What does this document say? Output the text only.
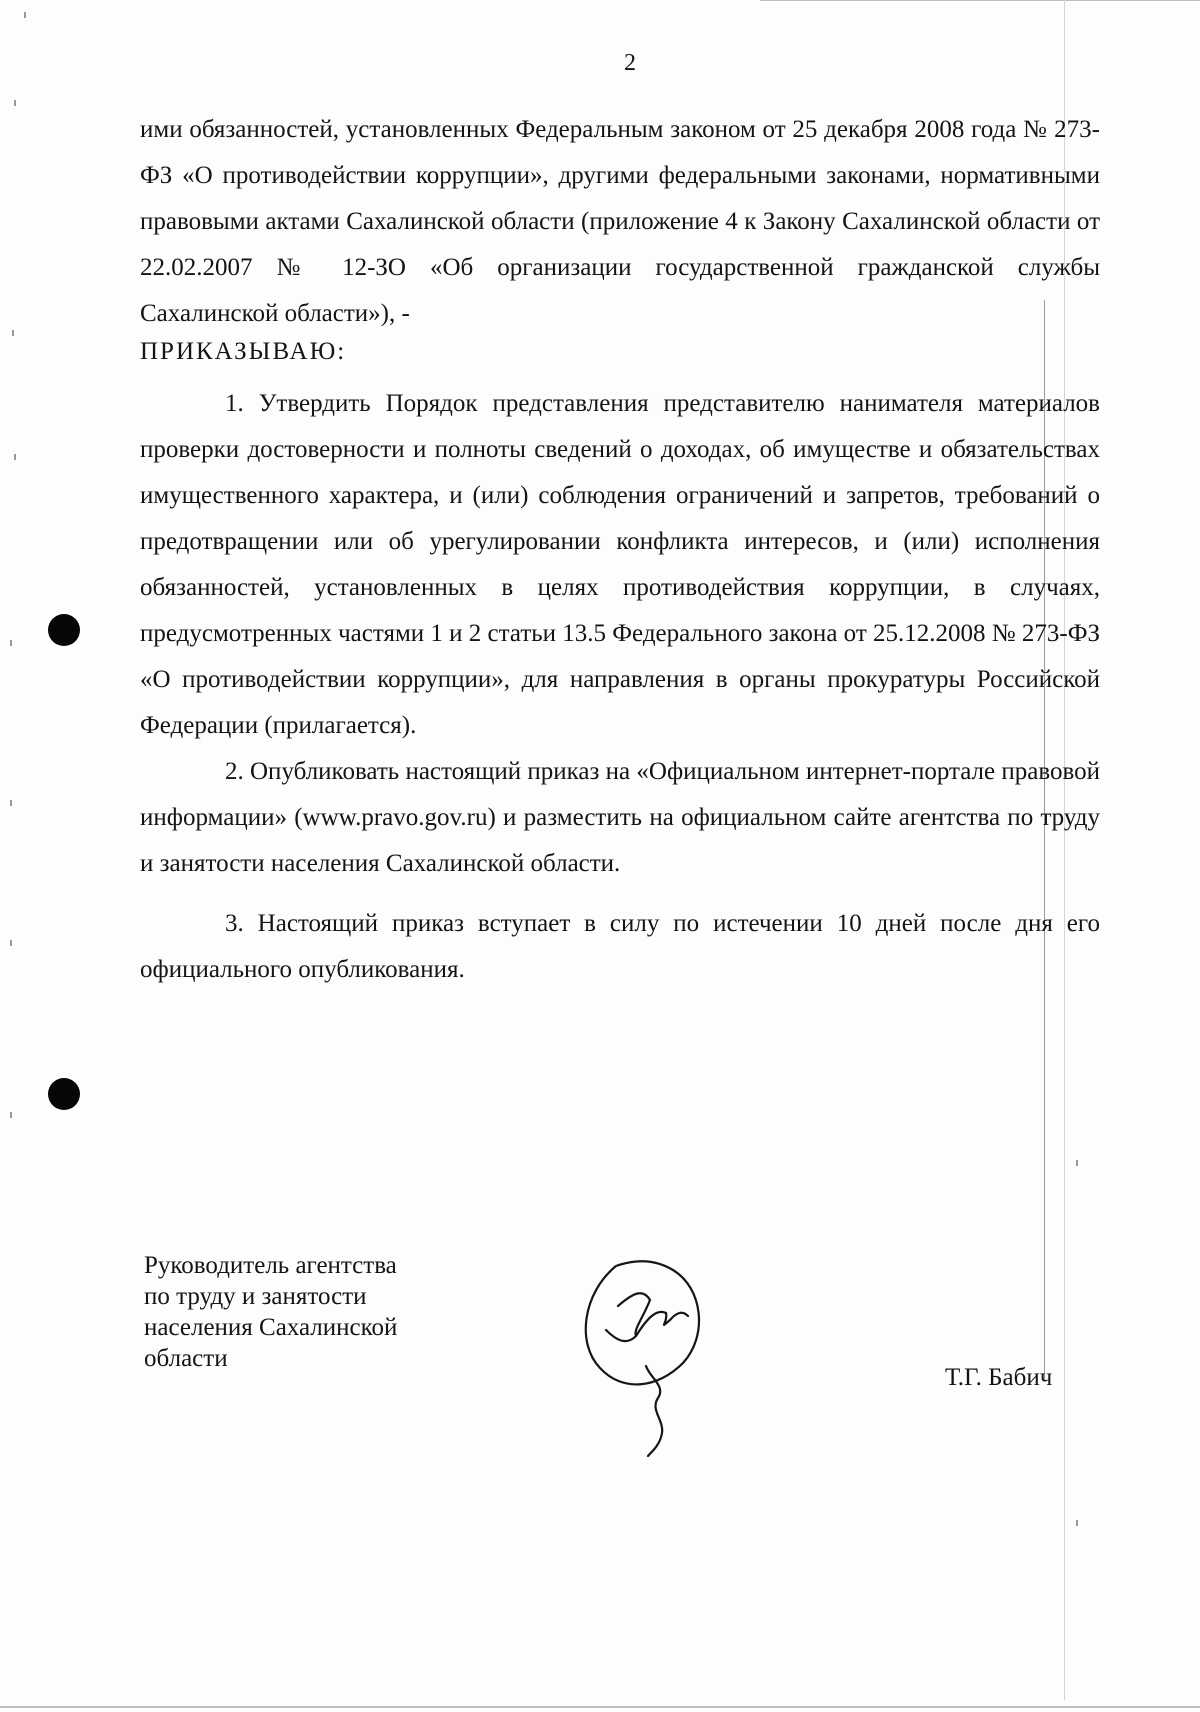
2

ими обязанностей, установленных Федеральным законом от 25 декабря 2008 года № 273-ФЗ «О противодействии коррупции», другими федеральными законами, нормативными правовыми актами Сахалинской области (приложение 4 к Закону Сахалинской области от 22.02.2007 № 12-ЗО «Об организации государственной гражданской службы Сахалинской области»), -

ПРИКАЗЫВАЮ:

1. Утвердить Порядок представления представителю нанимателя материалов проверки достоверности и полноты сведений о доходах, об имуществе и обязательствах имущественного характера, и (или) соблюдения ограничений и запретов, требований о предотвращении или об урегулировании конфликта интересов, и (или) исполнения обязанностей, установленных в целях противодействия коррупции, в случаях, предусмотренных частями 1 и 2 статьи 13.5 Федерального закона от 25.12.2008 № 273-ФЗ «О противодействии коррупции», для направления в органы прокуратуры Российской Федерации (прилагается).

2. Опубликовать настоящий приказ на «Официальном интернет-портале правовой информации» (www.pravo.gov.ru) и разместить на официальном сайте агентства по труду и занятости населения Сахалинской области.

3. Настоящий приказ вступает в силу по истечении 10 дней после дня его официального опубликования.

Руководитель агентства
по труду и занятости
населения Сахалинской
области
Т.Г. Бабич
